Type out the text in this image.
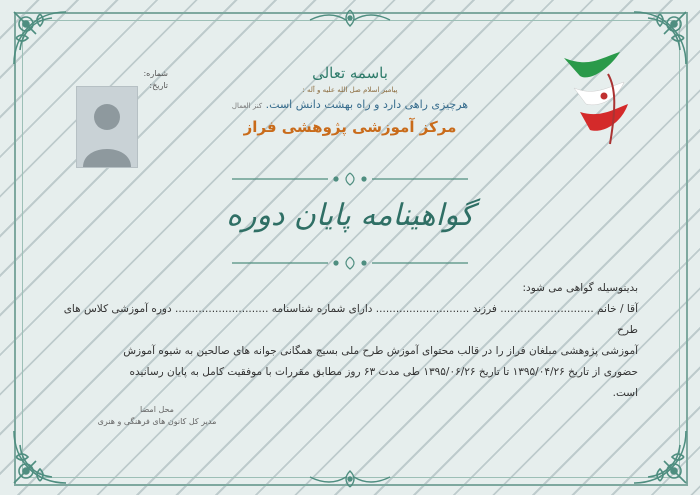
شماره:
تاریخ:
باسمه تعالی
پیامبر اسلام صل الله علیه و آله :
هرچیزی راهی دارد و راه بهشت دانش است. کنز العمال
مرکز آموزشی پژوهشی فراز
گواهینامه پایان دوره
بدینوسیله گواهی می شود:
آقا / خانم ............................ فرزند ............................ دارای شماره شناسنامه ............................ دوره آموزشی کلاس های طرح
آموزشی پژوهشی مبلغان فراز را در قالب محتوای آموزش طرح ملی بسیج همگانی جوانه های صالحین به شیوه آموزش
حضوری از تاریخ ۱۳۹۵/۰۴/۲۶ تا تاریخ ۱۳۹۵/۰۶/۲۶ طی مدت ۶۳ روز مطابق مقررات با موفقیت کامل به پایان رسانیده
است.
محل امضا
مدیر کل کانون های فرهنگی و هنری
